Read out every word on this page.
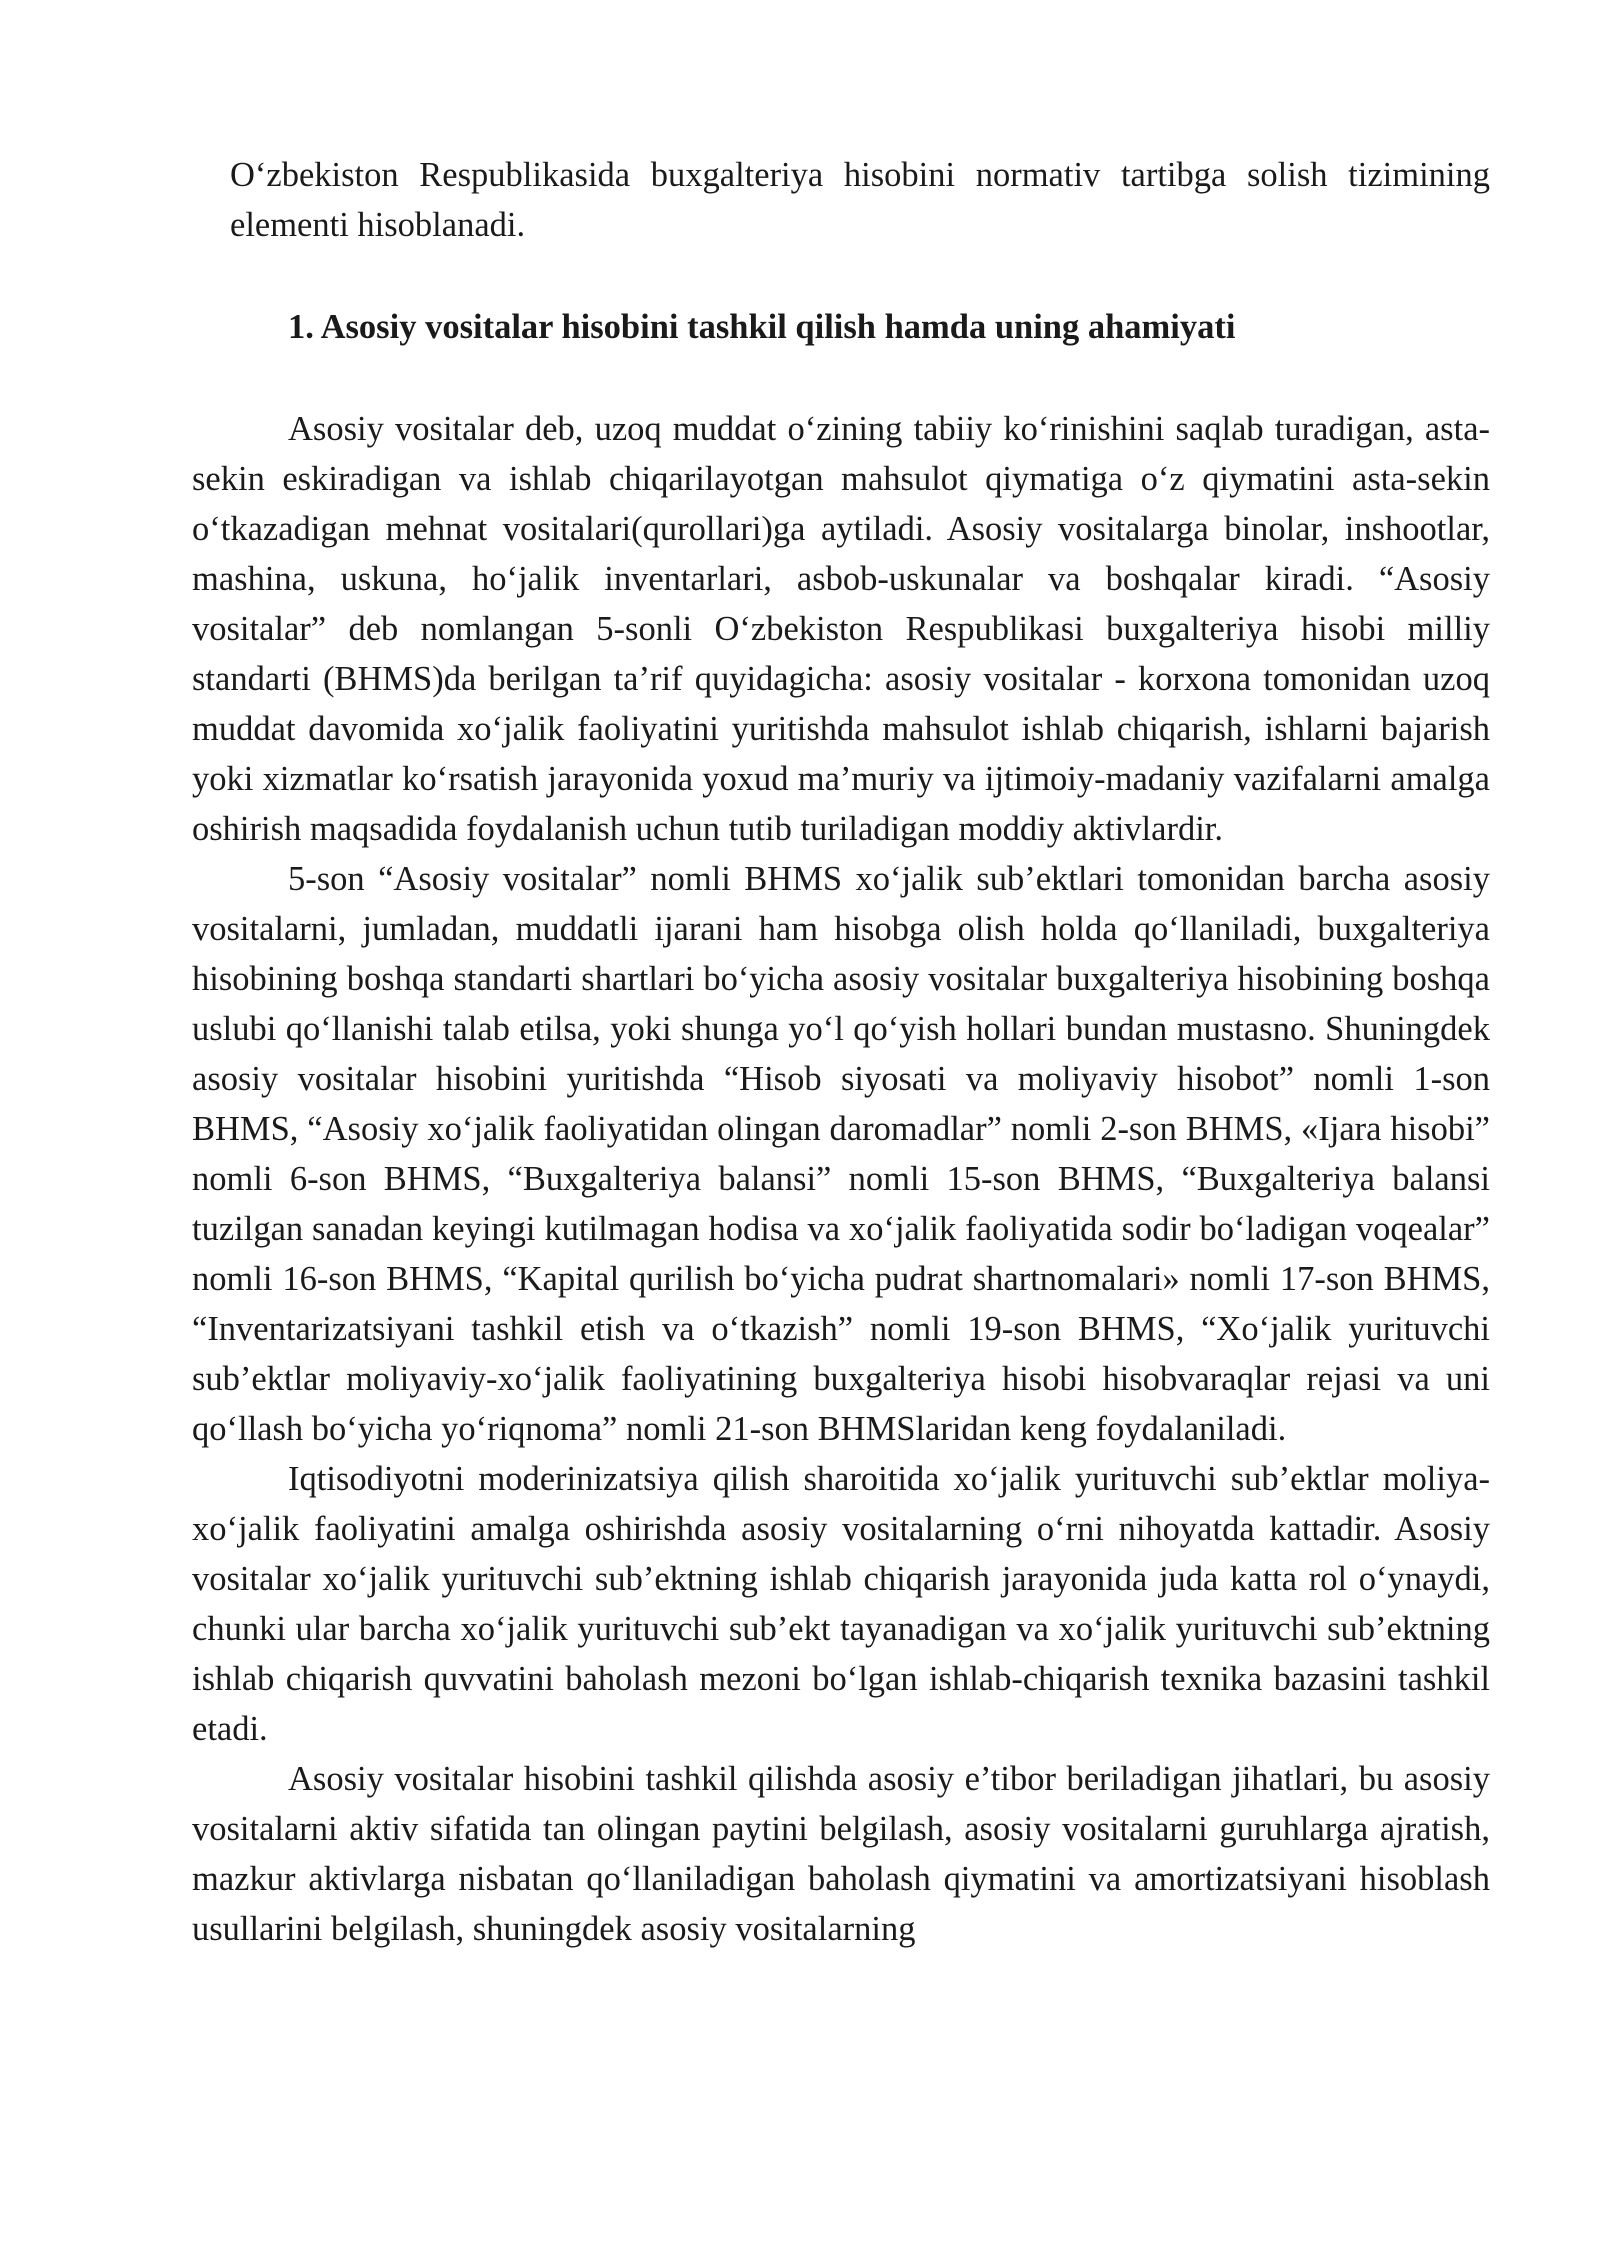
O‘zbekiston Respublikasida buxgalteriya hisobini normativ tartibga solish tizimining elementi hisoblanadi.

1. Asosiy vositalar hisobini tashkil qilish hamda uning ahamiyati

Asosiy vositalar deb, uzoq muddat o‘zining tabiiy ko‘rinishini saqlab turadigan, asta-sekin eskiradigan va ishlab chiqarilayotgan mahsulot qiymatiga o‘z qiymatini asta-sekin o‘tkazadigan mehnat vositalari(qurollari)ga aytiladi. Asosiy vositalarga binolar, inshootlar, mashina, uskuna, ho‘jalik inventarlari, asbob-uskunalar va boshqalar kiradi. “Asosiy vositalar” deb nomlangan 5-sonli O‘zbekiston Respublikasi buxgalteriya hisobi milliy standarti (BHMS)da berilgan ta’rif quyidagicha: asosiy vositalar - korxona tomonidan uzoq muddat davomida xo‘jalik faoliyatini yuritishda mahsulot ishlab chiqarish, ishlarni bajarish yoki xizmatlar ko‘rsatish jarayonida yoxud ma’muriy va ijtimoiy-madaniy vazifalarni amalga oshirish maqsadida foydalanish uchun tutib turiladigan moddiy aktivlardir.

5-son “Asosiy vositalar” nomli BHMS xo‘jalik sub’ektlari tomonidan barcha asosiy vositalarni, jumladan, muddatli ijarani ham hisobga olish holda qo‘llaniladi, buxgalteriya hisobining boshqa standarti shartlari bo‘yicha asosiy vositalar buxgalteriya hisobining boshqa uslubi qo‘llanishi talab etilsa, yoki shunga yo‘l qo‘yish hollari bundan mustasno. Shuningdek asosiy vositalar hisobini yuritishda “Hisob siyosati va moliyaviy hisobot” nomli 1-son BHMS, “Asosiy xo‘jalik faoliyatidan olingan daromadlar” nomli 2-son BHMS, «Ijara hisobi” nomli 6-son BHMS, “Buxgalteriya balansi” nomli 15-son BHMS, “Buxgalteriya balansi tuzilgan sanadan keyingi kutilmagan hodisa va xo‘jalik faoliyatida sodir bo‘ladigan voqealar” nomli 16-son BHMS, “Kapital qurilish bo‘yicha pudrat shartnomalari» nomli 17-son BHMS, “Inventarizatsiyani tashkil etish va o‘tkazish” nomli 19-son BHMS, “Xo‘jalik yurituvchi sub’ektlar moliyaviy-xo‘jalik faoliyatining buxgalteriya hisobi hisobvaraqlar rejasi va uni qo‘llash bo‘yicha yo‘riqnoma” nomli 21-son BHMSlaridan keng foydalaniladi.

Iqtisodiyotni moderinizatsiya qilish sharoitida xo‘jalik yurituvchi sub’ektlar moliya-xo‘jalik faoliyatini amalga oshirishda asosiy vositalarning o‘rni nihoyatda kattadir. Asosiy vositalar xo‘jalik yurituvchi sub’ektning ishlab chiqarish jarayonida juda katta rol o‘ynaydi, chunki ular barcha xo‘jalik yurituvchi sub’ekt tayanadigan va xo‘jalik yurituvchi sub’ektning ishlab chiqarish quvvatini baholash mezoni bo‘lgan ishlab-chiqarish texnika bazasini tashkil etadi.

Asosiy vositalar hisobini tashkil qilishda asosiy e’tibor beriladigan jihatlari, bu asosiy vositalarni aktiv sifatida tan olingan paytini belgilash, asosiy vositalarni guruhlarga ajratish, mazkur aktivlarga nisbatan qo‘llaniladigan baholash qiymatini va amortizatsiyani hisoblash usullarini belgilash, shuningdek asosiy vositalarning
